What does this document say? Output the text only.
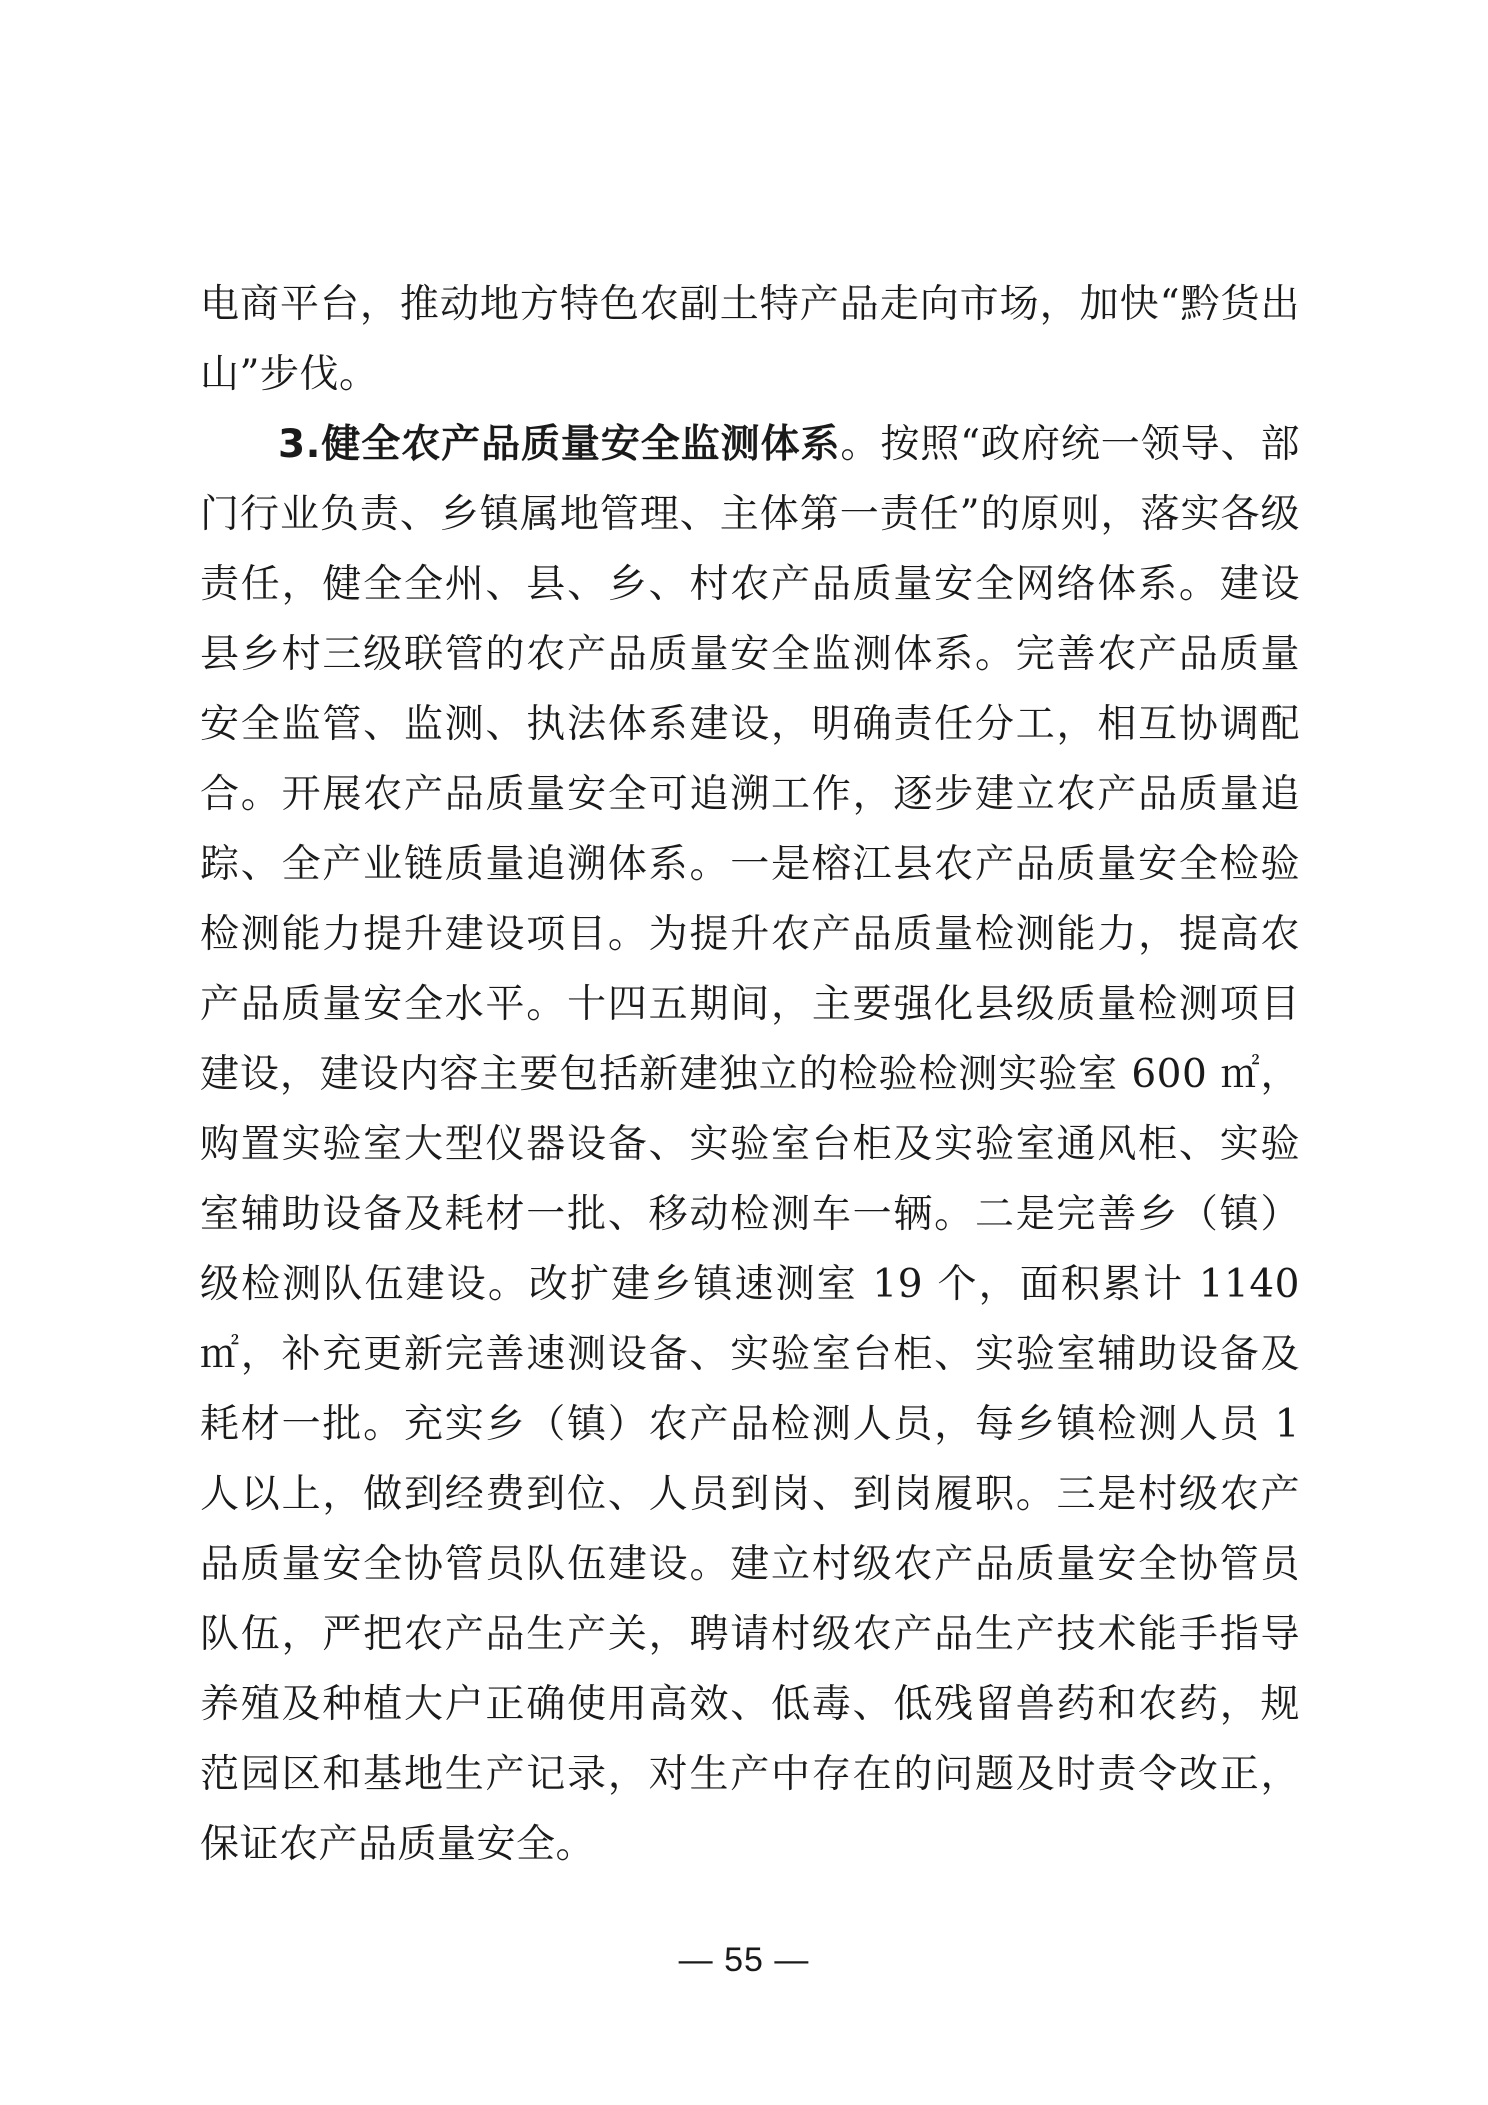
电商平台，推动地方特色农副土特产品走向市场，加快“黔货出山”步伐。

3.健全农产品质量安全监测体系。按照“政府统一领导、部门行业负责、乡镇属地管理、主体第一责任”的原则，落实各级责任，健全全州、县、乡、村农产品质量安全网络体系。建设县乡村三级联管的农产品质量安全监测体系。完善农产品质量安全监管、监测、执法体系建设，明确责任分工，相互协调配合。开展农产品质量安全可追溯工作，逐步建立农产品质量追踪、全产业链质量追溯体系。一是榕江县农产品质量安全检验检测能力提升建设项目。为提升农产品质量检测能力，提高农产品质量安全水平。十四五期间，主要强化县级质量检测项目建设，建设内容主要包括新建独立的检验检测实验室 600 ㎡，购置实验室大型仪器设备、实验室台柜及实验室通风柜、实验室辅助设备及耗材一批、移动检测车一辆。二是完善乡（镇）级检测队伍建设。改扩建乡镇速测室 19 个，面积累计 1140 ㎡，补充更新完善速测设备、实验室台柜、实验室辅助设备及耗材一批。充实乡（镇）农产品检测人员，每乡镇检测人员 1 人以上，做到经费到位、人员到岗、到岗履职。三是村级农产品质量安全协管员队伍建设。建立村级农产品质量安全协管员队伍，严把农产品生产关，聘请村级农产品生产技术能手指导养殖及种植大户正确使用高效、低毒、低残留兽药和农药，规范园区和基地生产记录，对生产中存在的问题及时责令改正，保证农产品质量安全。

— 55 —
